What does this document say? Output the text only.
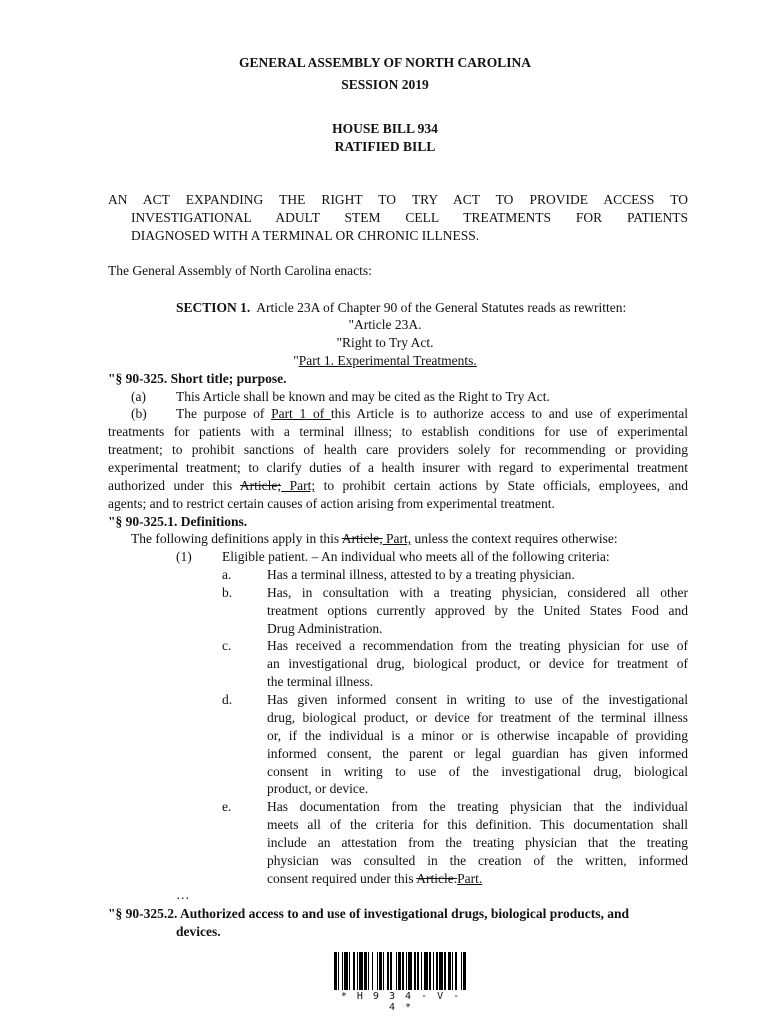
GENERAL ASSEMBLY OF NORTH CAROLINA
SESSION 2019
HOUSE BILL 934
RATIFIED BILL
AN ACT EXPANDING THE RIGHT TO TRY ACT TO PROVIDE ACCESS TO
INVESTIGATIONAL ADULT STEM CELL TREATMENTS FOR PATIENTS
DIAGNOSED WITH A TERMINAL OR CHRONIC ILLNESS.
The General Assembly of North Carolina enacts:
SECTION 1. Article 23A of Chapter 90 of the General Statutes reads as rewritten:
"Article 23A.
"Right to Try Act.
"Part 1. Experimental Treatments.
"§ 90-325. Short title; purpose.
(a) This Article shall be known and may be cited as the Right to Try Act.
(b) The purpose of Part 1 of this Article is to authorize access to and use of experimental
treatments for patients with a terminal illness; to establish conditions for use of experimental
treatment; to prohibit sanctions of health care providers solely for recommending or providing
experimental treatment; to clarify duties of a health insurer with regard to experimental treatment
authorized under this Article; Part; to prohibit certain actions by State officials, employees, and
agents; and to restrict certain causes of action arising from experimental treatment.
"§ 90-325.1. Definitions.
The following definitions apply in this Article, Part, unless the context requires otherwise:
(1) Eligible patient. – An individual who meets all of the following criteria:
a.	Has a terminal illness, attested to by a treating physician.
b.	Has, in consultation with a treating physician, considered all other
treatment options currently approved by the United States Food and
Drug Administration.
c.	Has received a recommendation from the treating physician for use of
an investigational drug, biological product, or device for treatment of
the terminal illness.
d.	Has given informed consent in writing to use of the investigational
drug, biological product, or device for treatment of the terminal illness
or, if the individual is a minor or is otherwise incapable of providing
informed consent, the parent or legal guardian has given informed
consent in writing to use of the investigational drug, biological
product, or device.
e.	Has documentation from the treating physician that the individual
meets all of the criteria for this definition. This documentation shall
include an attestation from the treating physician that the treating
physician was consulted in the creation of the written, informed
consent required under this Article.Part.
…
"§ 90-325.2. Authorized access to and use of investigational drugs, biological products, and
devices.
* H 9 3 4 - V - 4 *
